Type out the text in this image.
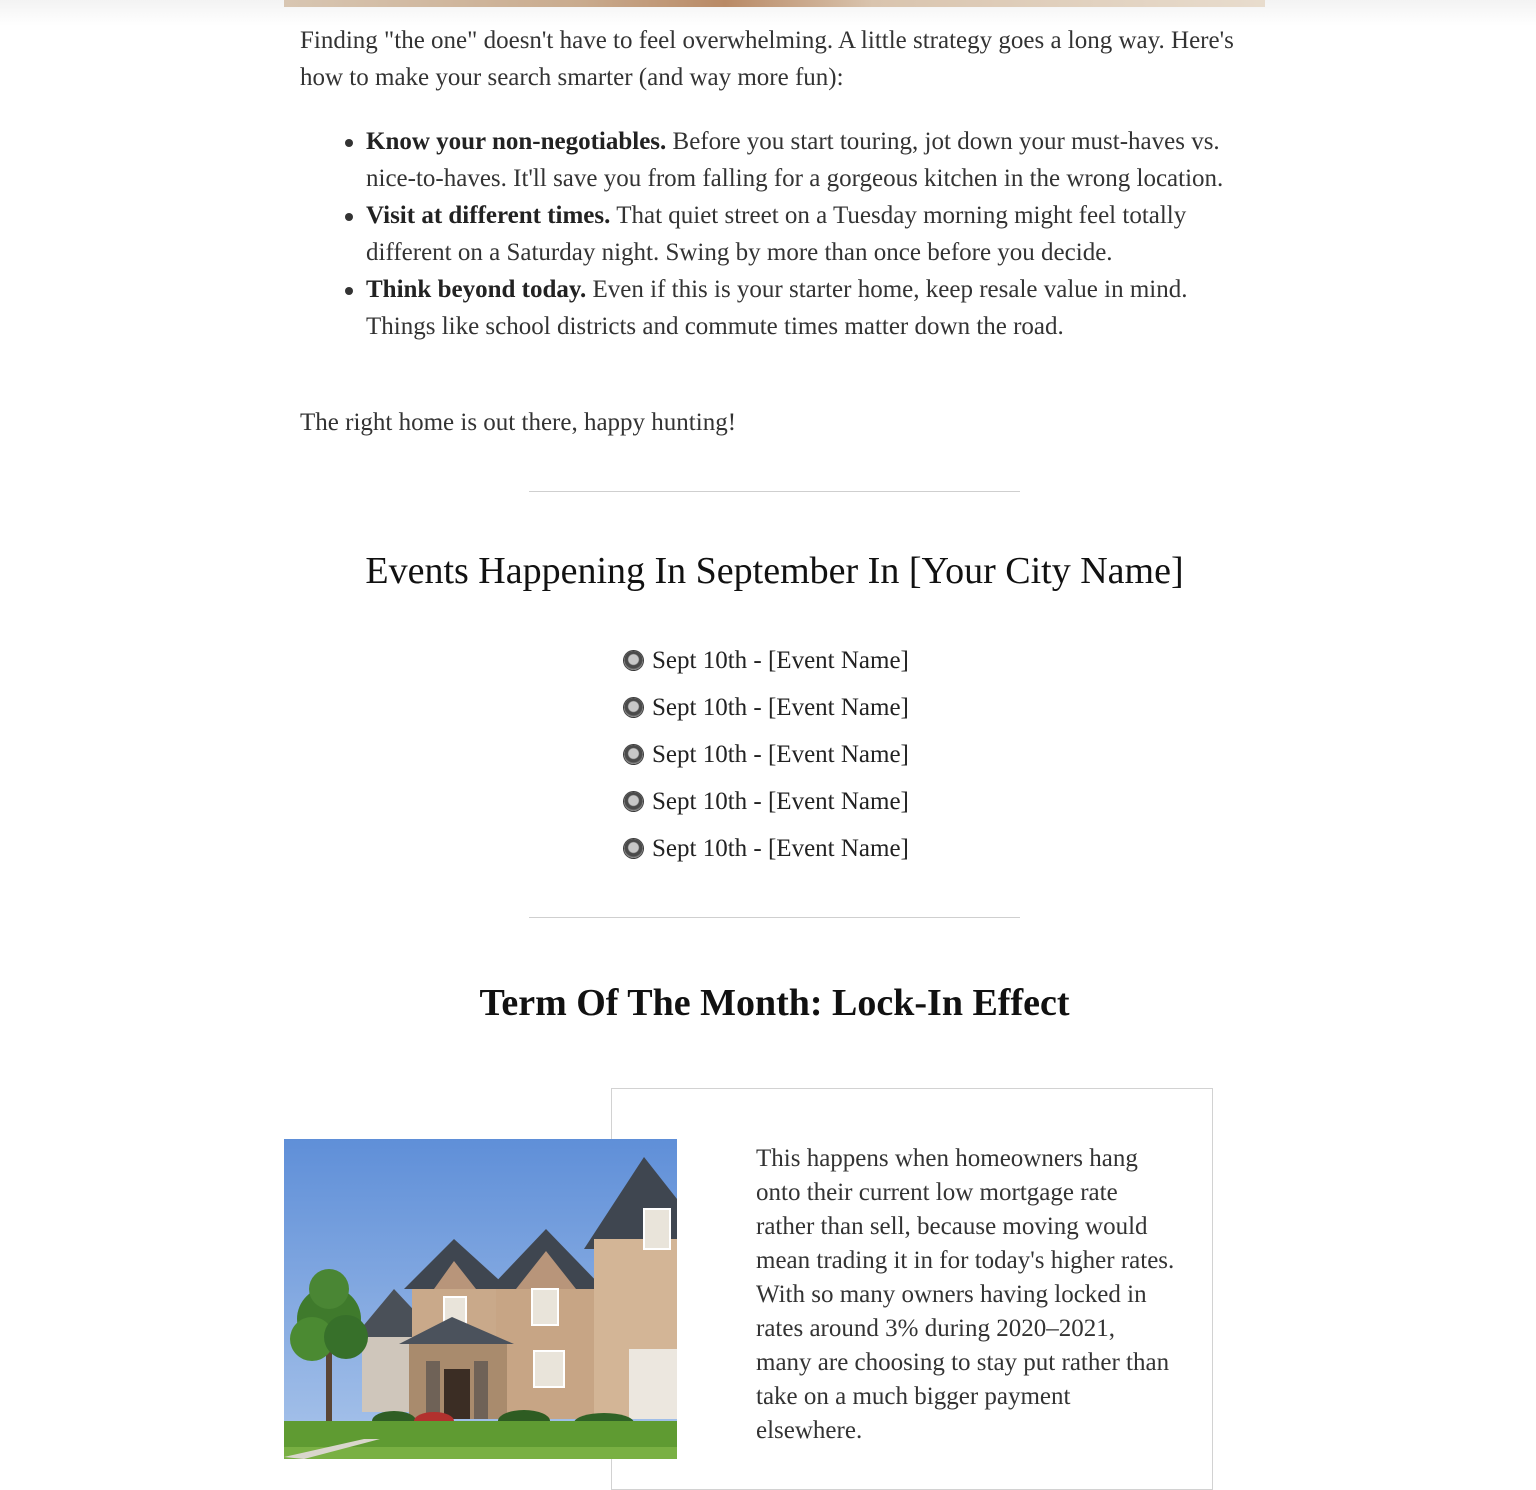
Finding "the one" doesn't have to feel overwhelming. A little strategy goes a long way. Here's how to make your search smarter (and way more fun):

Know your non-negotiables. Before you start touring, jot down your must-haves vs. nice-to-haves. It'll save you from falling for a gorgeous kitchen in the wrong location.
Visit at different times. That quiet street on a Tuesday morning might feel totally different on a Saturday night. Swing by more than once before you decide.
Think beyond today. Even if this is your starter home, keep resale value in mind. Things like school districts and commute times matter down the road.

The right home is out there, happy hunting!

Events Happening In September In [Your City Name]
Sept 10th - [Event Name]
Sept 10th - [Event Name]
Sept 10th - [Event Name]
Sept 10th - [Event Name]
Sept 10th - [Event Name]
Term Of The Month: Lock-In Effect

This happens when homeowners hang onto their current low mortgage rate rather than sell, because moving would mean trading it in for today's higher rates. With so many owners having locked in rates around 3% during 2020–2021, many are choosing to stay put rather than take on a much bigger payment elsewhere.
